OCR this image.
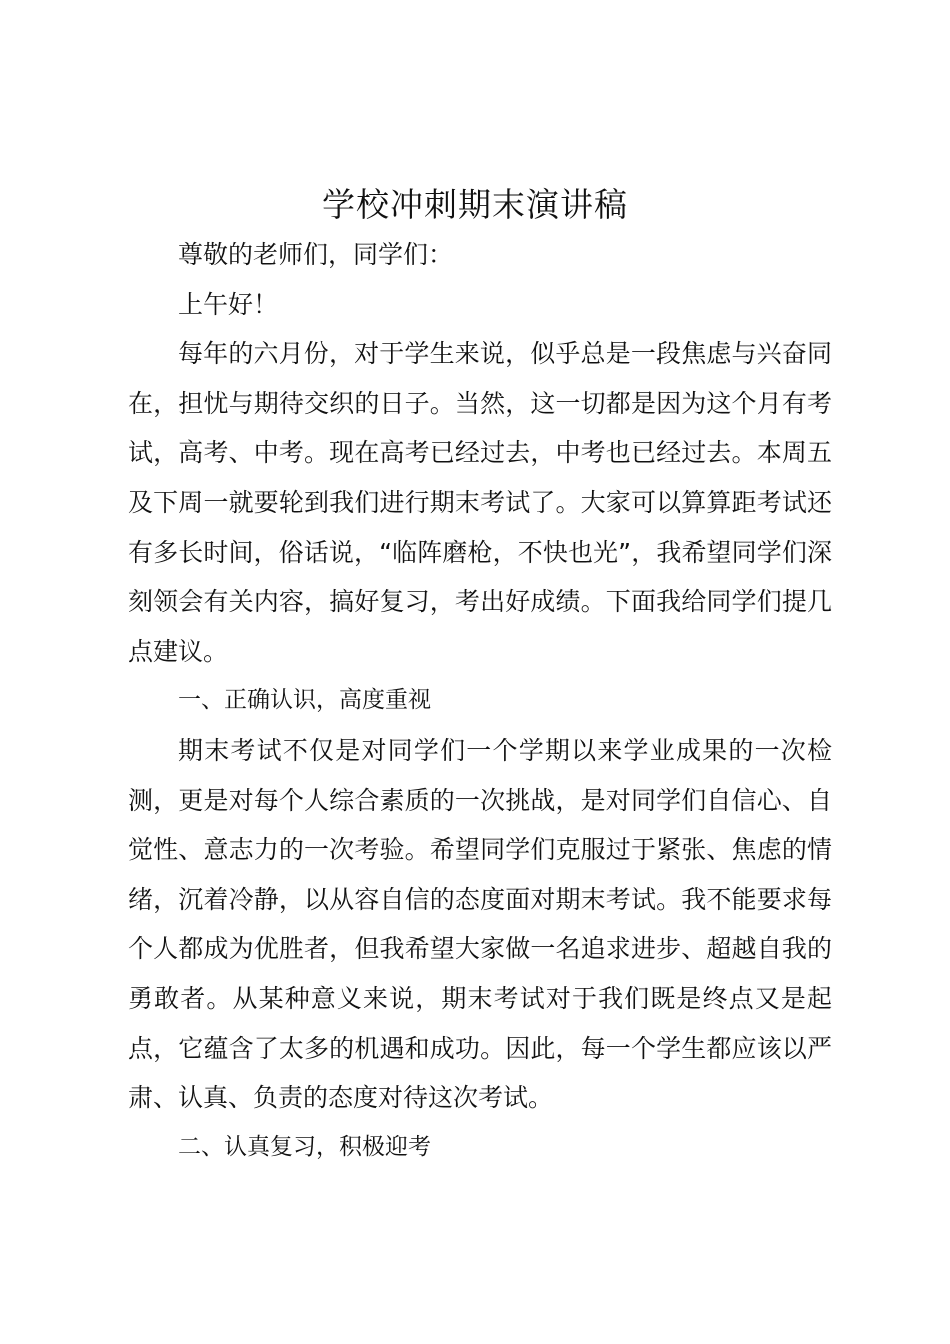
学校冲刺期末演讲稿

尊敬的老师们，同学们：

上午好！

每年的六月份，对于学生来说，似乎总是一段焦虑与兴奋同在，担忧与期待交织的日子。当然，这一切都是因为这个月有考试，高考、中考。现在高考已经过去，中考也已经过去。本周五及下周一就要轮到我们进行期末考试了。大家可以算算距考试还有多长时间，俗话说，“临阵磨枪，不快也光”，我希望同学们深刻领会有关内容，搞好复习，考出好成绩。下面我给同学们提几点建议。

一、正确认识，高度重视

期末考试不仅是对同学们一个学期以来学业成果的一次检测，更是对每个人综合素质的一次挑战，是对同学们自信心、自觉性、意志力的一次考验。希望同学们克服过于紧张、焦虑的情绪，沉着冷静，以从容自信的态度面对期末考试。我不能要求每个人都成为优胜者，但我希望大家做一名追求进步、超越自我的勇敢者。从某种意义来说，期末考试对于我们既是终点又是起点，它蕴含了太多的机遇和成功。因此，每一个学生都应该以严肃、认真、负责的态度对待这次考试。

二、认真复习，积极迎考
